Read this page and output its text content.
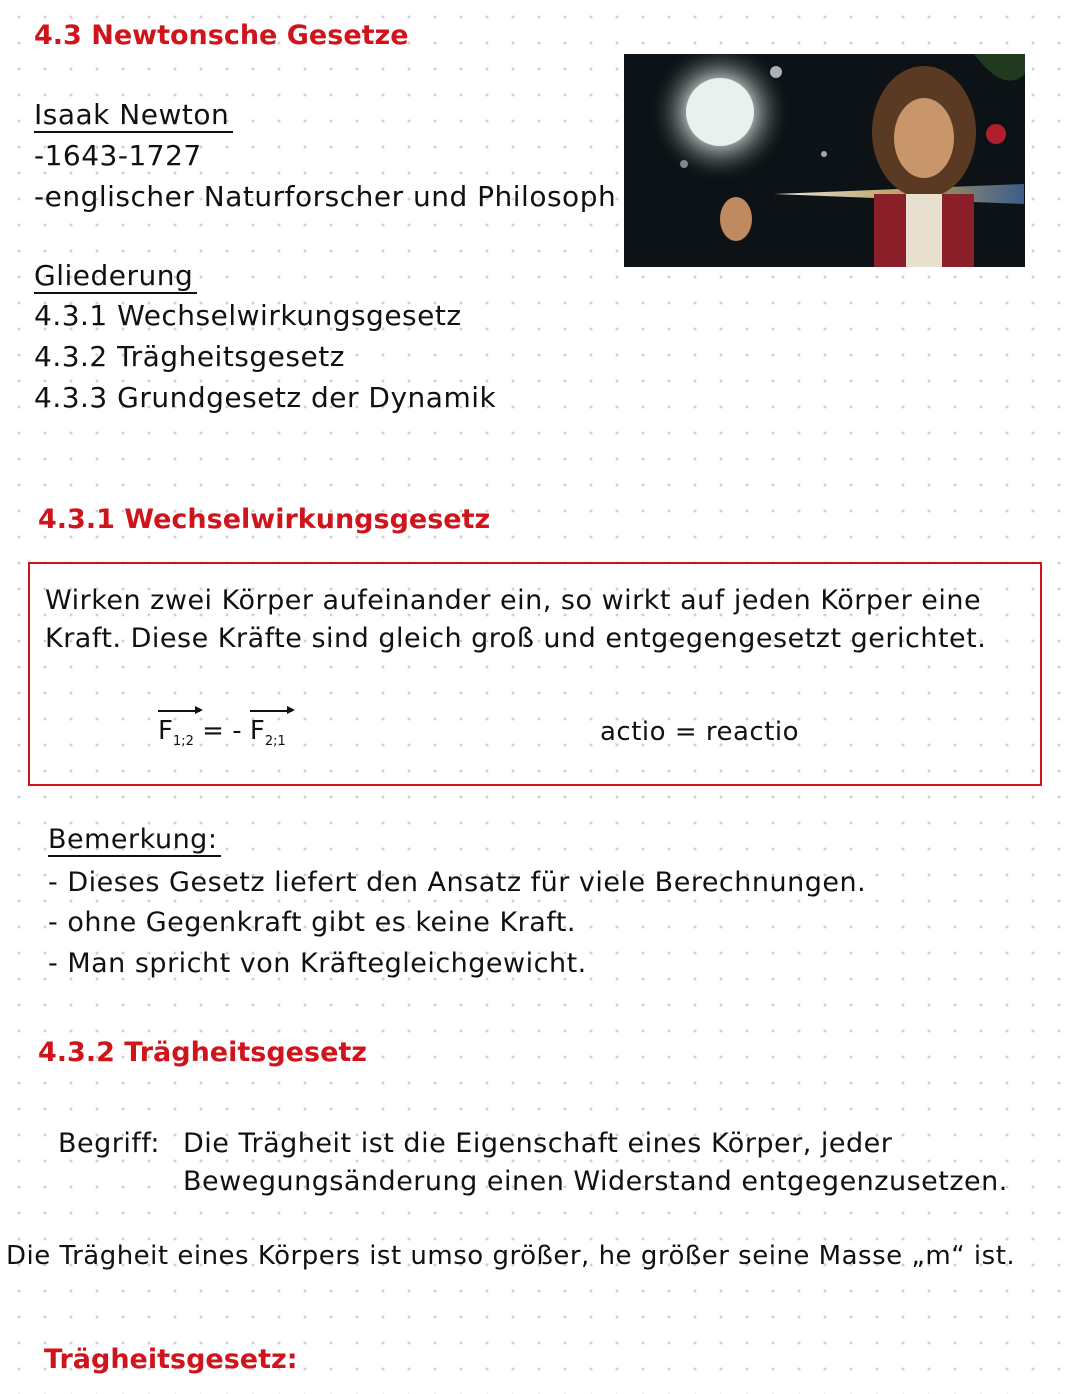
4.3 Newtonsche Gesetze
Isaak Newton
-1643-1727
-englischer Naturforscher und Philosoph
Gliederung
4.3.1 Wechselwirkungsgesetz
4.3.2 Trägheitsgesetz
4.3.3 Grundgesetz der Dynamik
4.3.1 Wechselwirkungsgesetz
Wirken zwei Körper aufeinander ein, so wirkt auf jeden Körper eine
Kraft. Diese Kräfte sind gleich groß und entgegengesetzt gerichtet.
$F_{1;2}$ = - $F_{2;1}$	actio = reactio
Bemerkung:
- Dieses Gesetz liefert den Ansatz für viele Berechnungen.
- ohne Gegenkraft gibt es keine Kraft.
- Man spricht von Kräftegleichgewicht.
4.3.2 Trägheitsgesetz
Begriff: Die Trägheit ist die Eigenschaft eines Körper, jeder
Bewegungsänderung einen Widerstand entgegenzusetzen.
Die Trägheit eines Körpers ist umso größer, he größer seine Masse „m“ ist.
Trägheitsgesetz:
